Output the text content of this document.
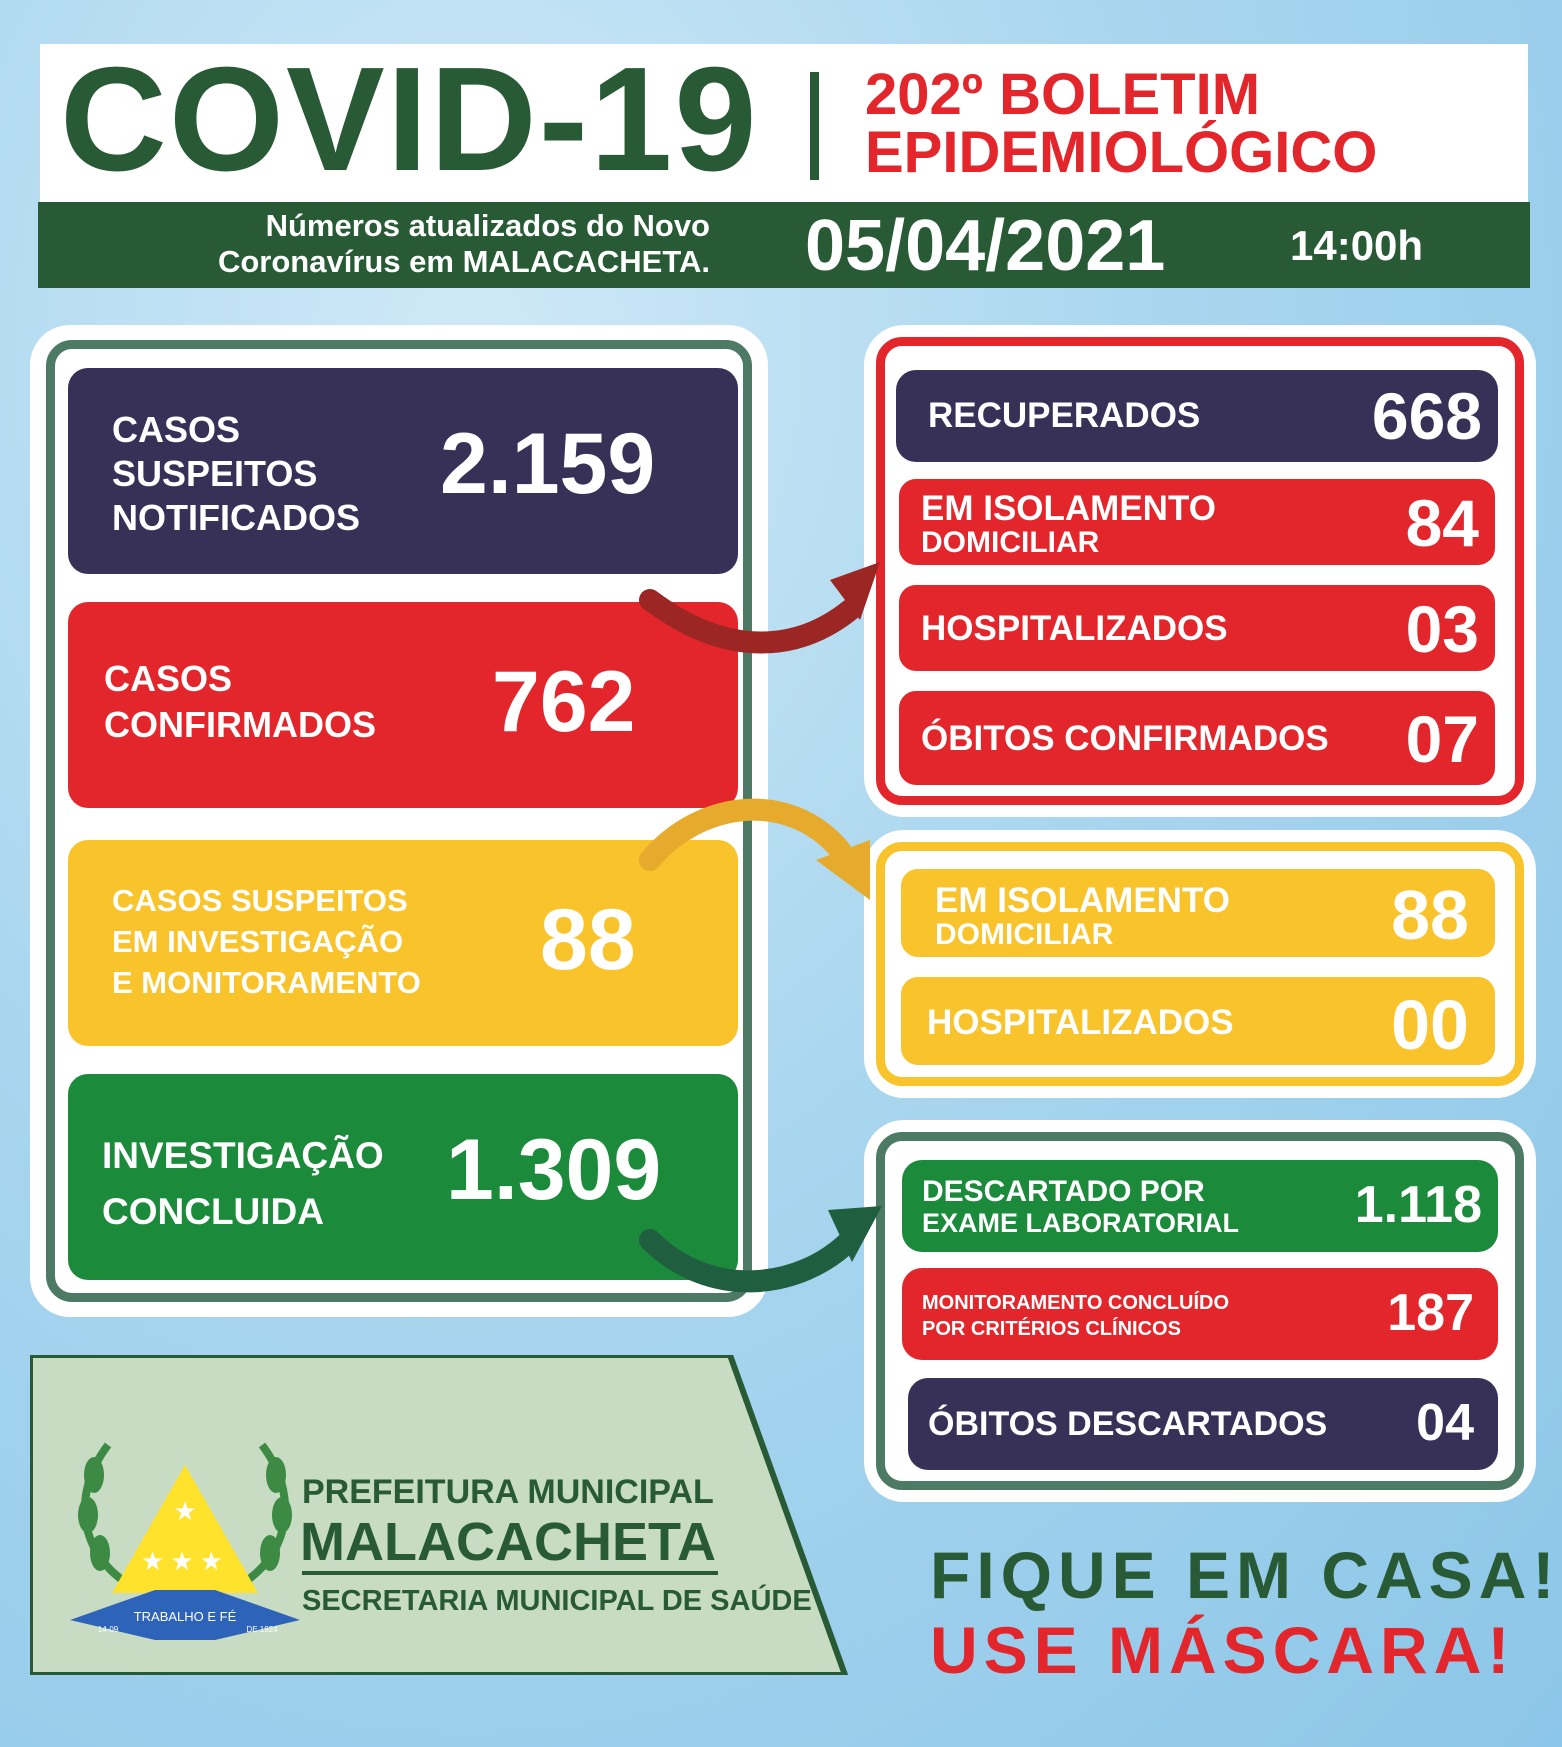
COVID-19	202º BOLETIM
EPIDEMIOLÓGICO
Números atualizados do Novo
Coronavírus em MALACACHETA. 05/04/2021	14:00h
CASOS
SUSPEITOS
NOTIFICADOS
2.159
CASOS
CONFIRMADOS 762
CASOS SUSPEITOS
EM INVESTIGAÇÃO
E MONITORAMENTO 88
INVESTIGAÇÃO
CONCLUIDA	1.309
RECUPERADOS	668
EM ISOLAMENTO
DOMICILIAR	84
HOSPITALIZADOS	03
ÓBITOS CONFIRMADOS 07
EM ISOLAMENTO
DOMICILIAR	88
HOSPITALIZADOS 00
DESCARTADO POR
EXAME LABORATORIAL 1.118
MONITORAMENTO CONCLUÍDO
POR CRITÉRIOS CLÍNICOS	187
ÓBITOS DESCARTADOS 04
★
★★★
TRABALHO E FÉ
14-09	DE 1924
PREFEITURA MUNICIPAL
MALACACHETA
SECRETARIA MUNICIPAL DE SAÚDE FIQUE EM CASA!
USE MÁSCARA!
